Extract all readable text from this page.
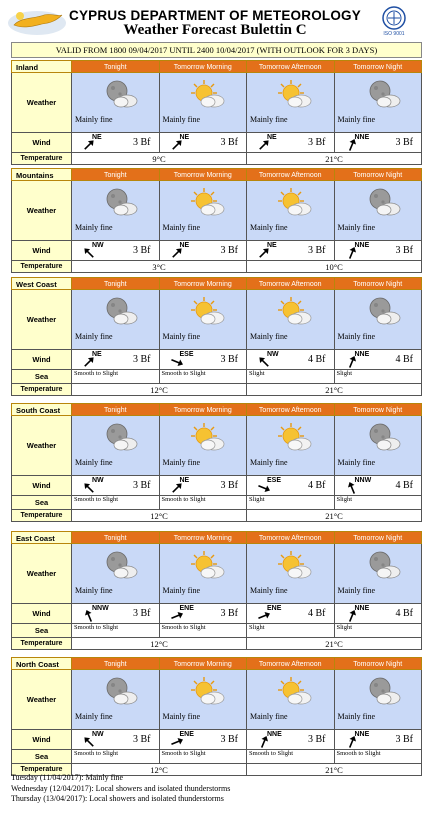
CYPRUS DEPARTMENT OF METEOROLOGY
Weather Forecast Bulettin C	ISO 9001
VALID FROM 1800 09/04/2017 UNTIL 2400 10/04/2017 (WITH OUTLOOK FOR 3 DAYS)
Inland	Tonight	Tomorrow Morning	Tomorrow Afternoon	Tomorrow Night
Weather
Mainly fine	Mainly fine	Mainly fine	Mainly fine
Wind
NE	3 Bf	NE	3 Bf	NE	3 Bf	NNE	3 Bf
Temperature	9°C	21°C
Mountains	Tonight	Tomorrow Morning	Tomorrow Afternoon	Tomorrow Night
Weather
Mainly fine	Mainly fine	Mainly fine	Mainly fine
Wind
NW	3 Bf	NE	3 Bf	NE	3 Bf	NNE	3 Bf
Temperature	3°C	10°C
West Coast	Tonight	Tomorrow Morning	Tomorrow Afternoon	Tomorrow Night
Weather
Mainly fine	Mainly fine	Mainly fine	Mainly fine
Wind
NE	3 Bf	ESE	3 Bf	NW	4 Bf	NNE	4 Bf
Sea	Smooth to Slight	Smooth to Slight	Slight	Slight
Temperature	12°C	21°C
South Coast	Tonight	Tomorrow Morning	Tomorrow Afternoon	Tomorrow Night
Weather
Mainly fine	Mainly fine	Mainly fine	Mainly fine
Wind
NW	3 Bf	NE	3 Bf	ESE	4 Bf	NNW 4 Bf
Sea	Smooth to Slight	Smooth to Slight	Slight	Slight
Temperature	12°C	21°C
East Coast	Tonight	Tomorrow Morning	Tomorrow Afternoon	Tomorrow Night
Weather
Mainly fine	Mainly fine	Mainly fine	Mainly fine
Wind
NNW 3 Bf	ENE	3 Bf	ENE	4 Bf	NNE	4 Bf
Sea	Smooth to Slight	Smooth to Slight	Slight	Slight
Temperature	12°C	21°C
North Coast	Tonight	Tomorrow Morning	Tomorrow Afternoon	Tomorrow Night
Weather
Mainly fine	Mainly fine	Mainly fine	Mainly fine
Wind
NW	3 Bf	ENE	3 Bf	NNE	3 Bf	NNE	3 Bf
Sea	Smooth to Slight	Smooth to Slight	Smooth to Slight	Smooth to Slight
Temperature	12°C	21°C
Tuesday (11/04/2017): Mainly fine
Wednesday (12/04/2017): Local showers and isolated thunderstorms
Thursday (13/04/2017): Local showers and isolated thunderstorms
